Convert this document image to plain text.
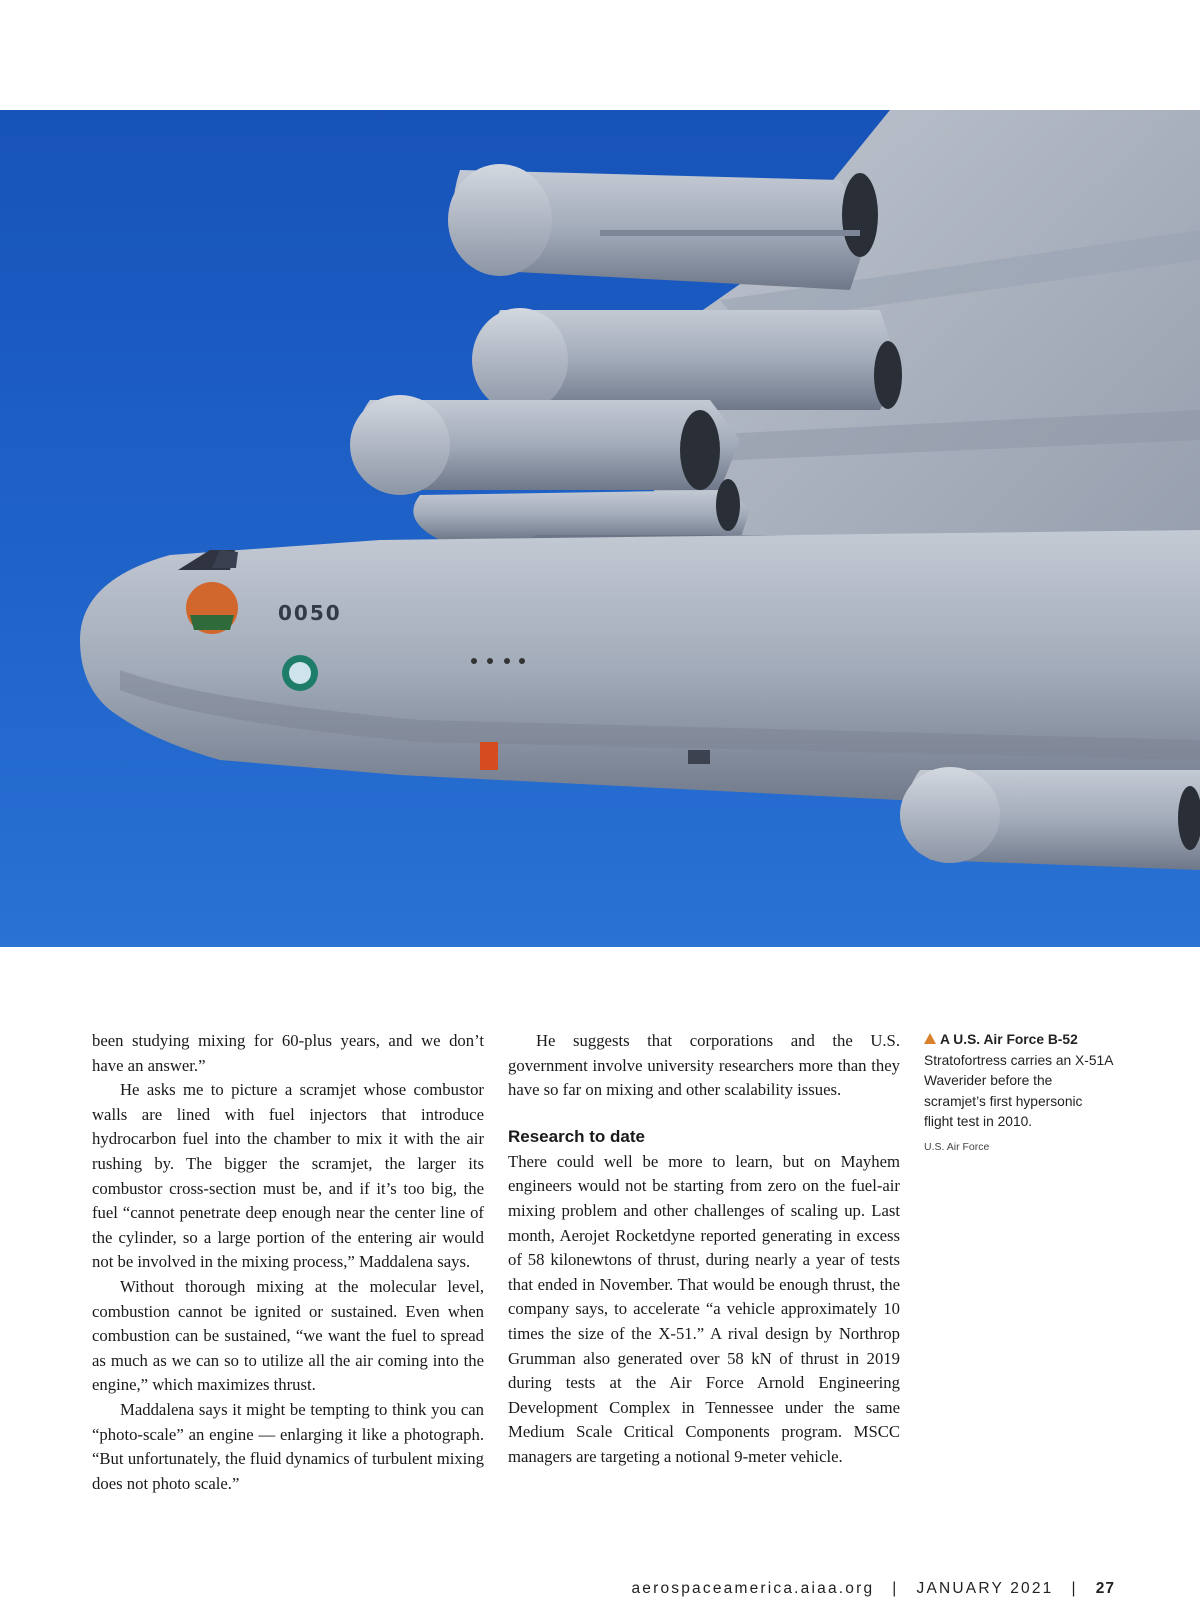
0050

been studying mixing for 60-plus years, and we don’t have an answer.”

He asks me to picture a scramjet whose combustor walls are lined with fuel injectors that introduce hydrocarbon fuel into the chamber to mix it with the air rushing by. The bigger the scramjet, the larger its combustor cross-section must be, and if it’s too big, the fuel “cannot penetrate deep enough near the center line of the cylinder, so a large portion of the entering air would not be involved in the mixing process,” Maddalena says.

Without thorough mixing at the molecular level, combustion cannot be ignited or sustained. Even when combustion can be sustained, “we want the fuel to spread as much as we can so to utilize all the air coming into the engine,” which maximizes thrust.

Maddalena says it might be tempting to think you can “photo-scale” an engine — enlarging it like a photograph. “But unfortunately, the fluid dynamics of turbulent mixing does not photo scale.”

He suggests that corporations and the U.S. government involve university researchers more than they have so far on mixing and other scalability issues.

Research to date

There could well be more to learn, but on Mayhem engineers would not be starting from zero on the fuel-air mixing problem and other challenges of scaling up. Last month, Aerojet Rocketdyne reported generating in excess of 58 kilonewtons of thrust, during nearly a year of tests that ended in November. That would be enough thrust, the company says, to accelerate “a vehicle approximately 10 times the size of the X-51.” A rival design by Northrop Grumman also generated over 58 kN of thrust in 2019 during tests at the Air Force Arnold Engineering Development Complex in Tennessee under the same Medium Scale Critical Components program. MSCC managers are targeting a notional 9-meter vehicle.

A U.S. Air Force B-52 Stratofortress carries an X-51A Waverider before the scramjet’s first hypersonic flight test in 2010.
U.S. Air Force
aerospaceamerica.aiaa.org | JANUARY 2021 | 27
